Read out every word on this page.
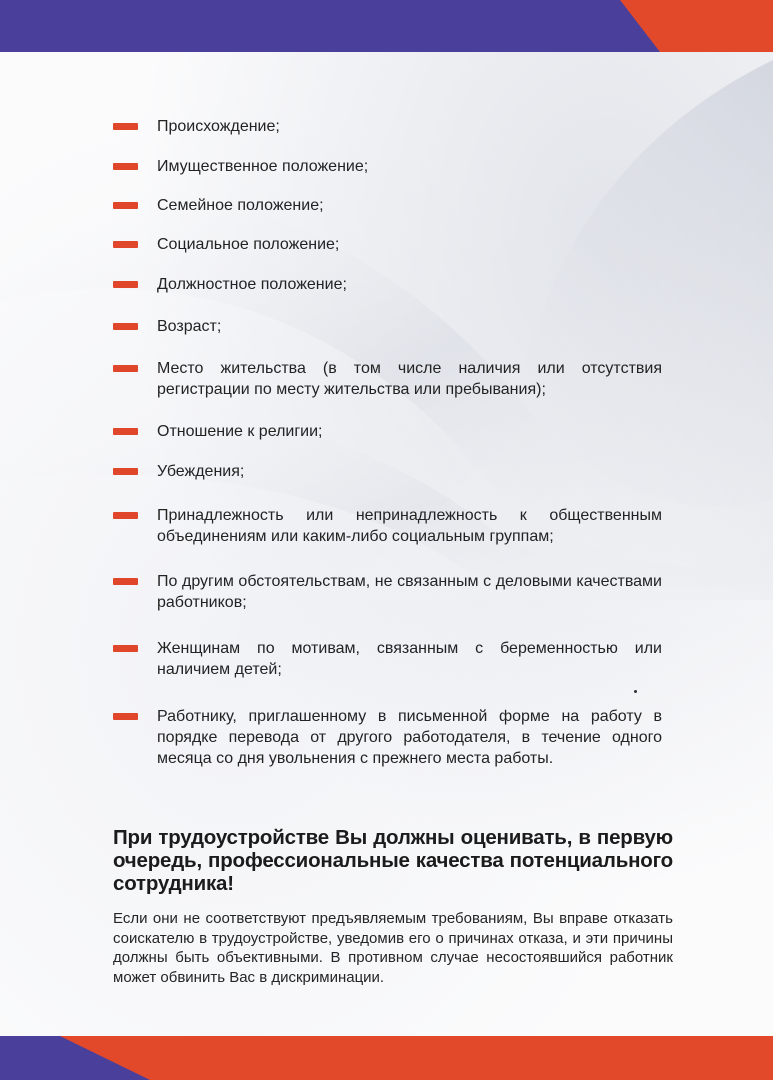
Происхождение;
Имущественное положение;
Семейное положение;
Социальное положение;
Должностное положение;
Возраст;
Место жительства (в том числе наличия или отсутствия регистрации по месту жительства или пребывания);
Отношение к религии;
Убеждения;
Принадлежность или непринадлежность к общественным объединениям или каким-либо социальным группам;
По другим обстоятельствам, не связанным с деловыми качествами работников;
Женщинам по мотивам, связанным с беременностью или наличием детей;
Работнику, приглашенному в письменной форме на работу в порядке перевода от другого работодателя, в течение одного месяца со дня увольнения с прежнего места работы.
При трудоустройстве Вы должны оценивать, в первую очередь, профессиональные качества потенциального сотрудника!

Если они не соответствуют предъявляемым требованиям, Вы вправе отказать соискателю в трудоустройстве, уведомив его о причинах отказа, и эти причины должны быть объективными. В противном случае несостоявшийся работник может обвинить Вас в дискриминации.
